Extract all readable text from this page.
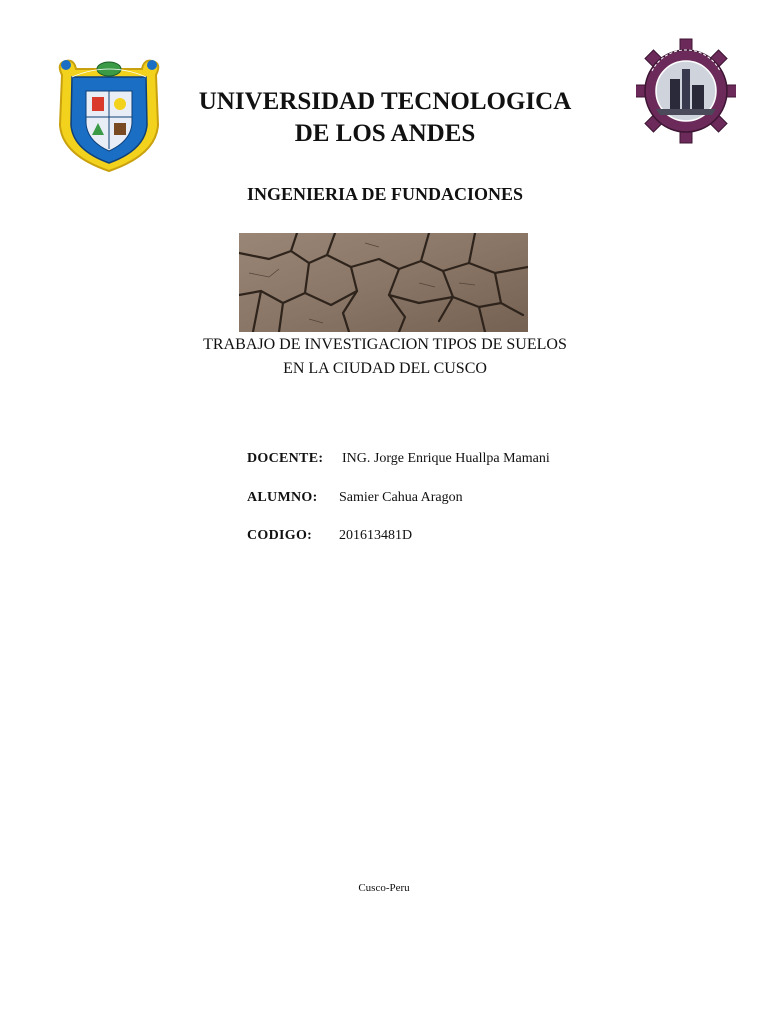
UNIVERSIDAD TECNOLOGICA
DE LOS ANDES
INGENIERIA DE FUNDACIONES
TRABAJO DE INVESTIGACION TIPOS DE SUELOS
EN LA CIUDAD DEL CUSCO
DOCENTE: ING. Jorge Enrique Huallpa Mamani
ALUMNO: Samier Cahua Aragon
CODIGO: 201613481D
Cusco-Peru
